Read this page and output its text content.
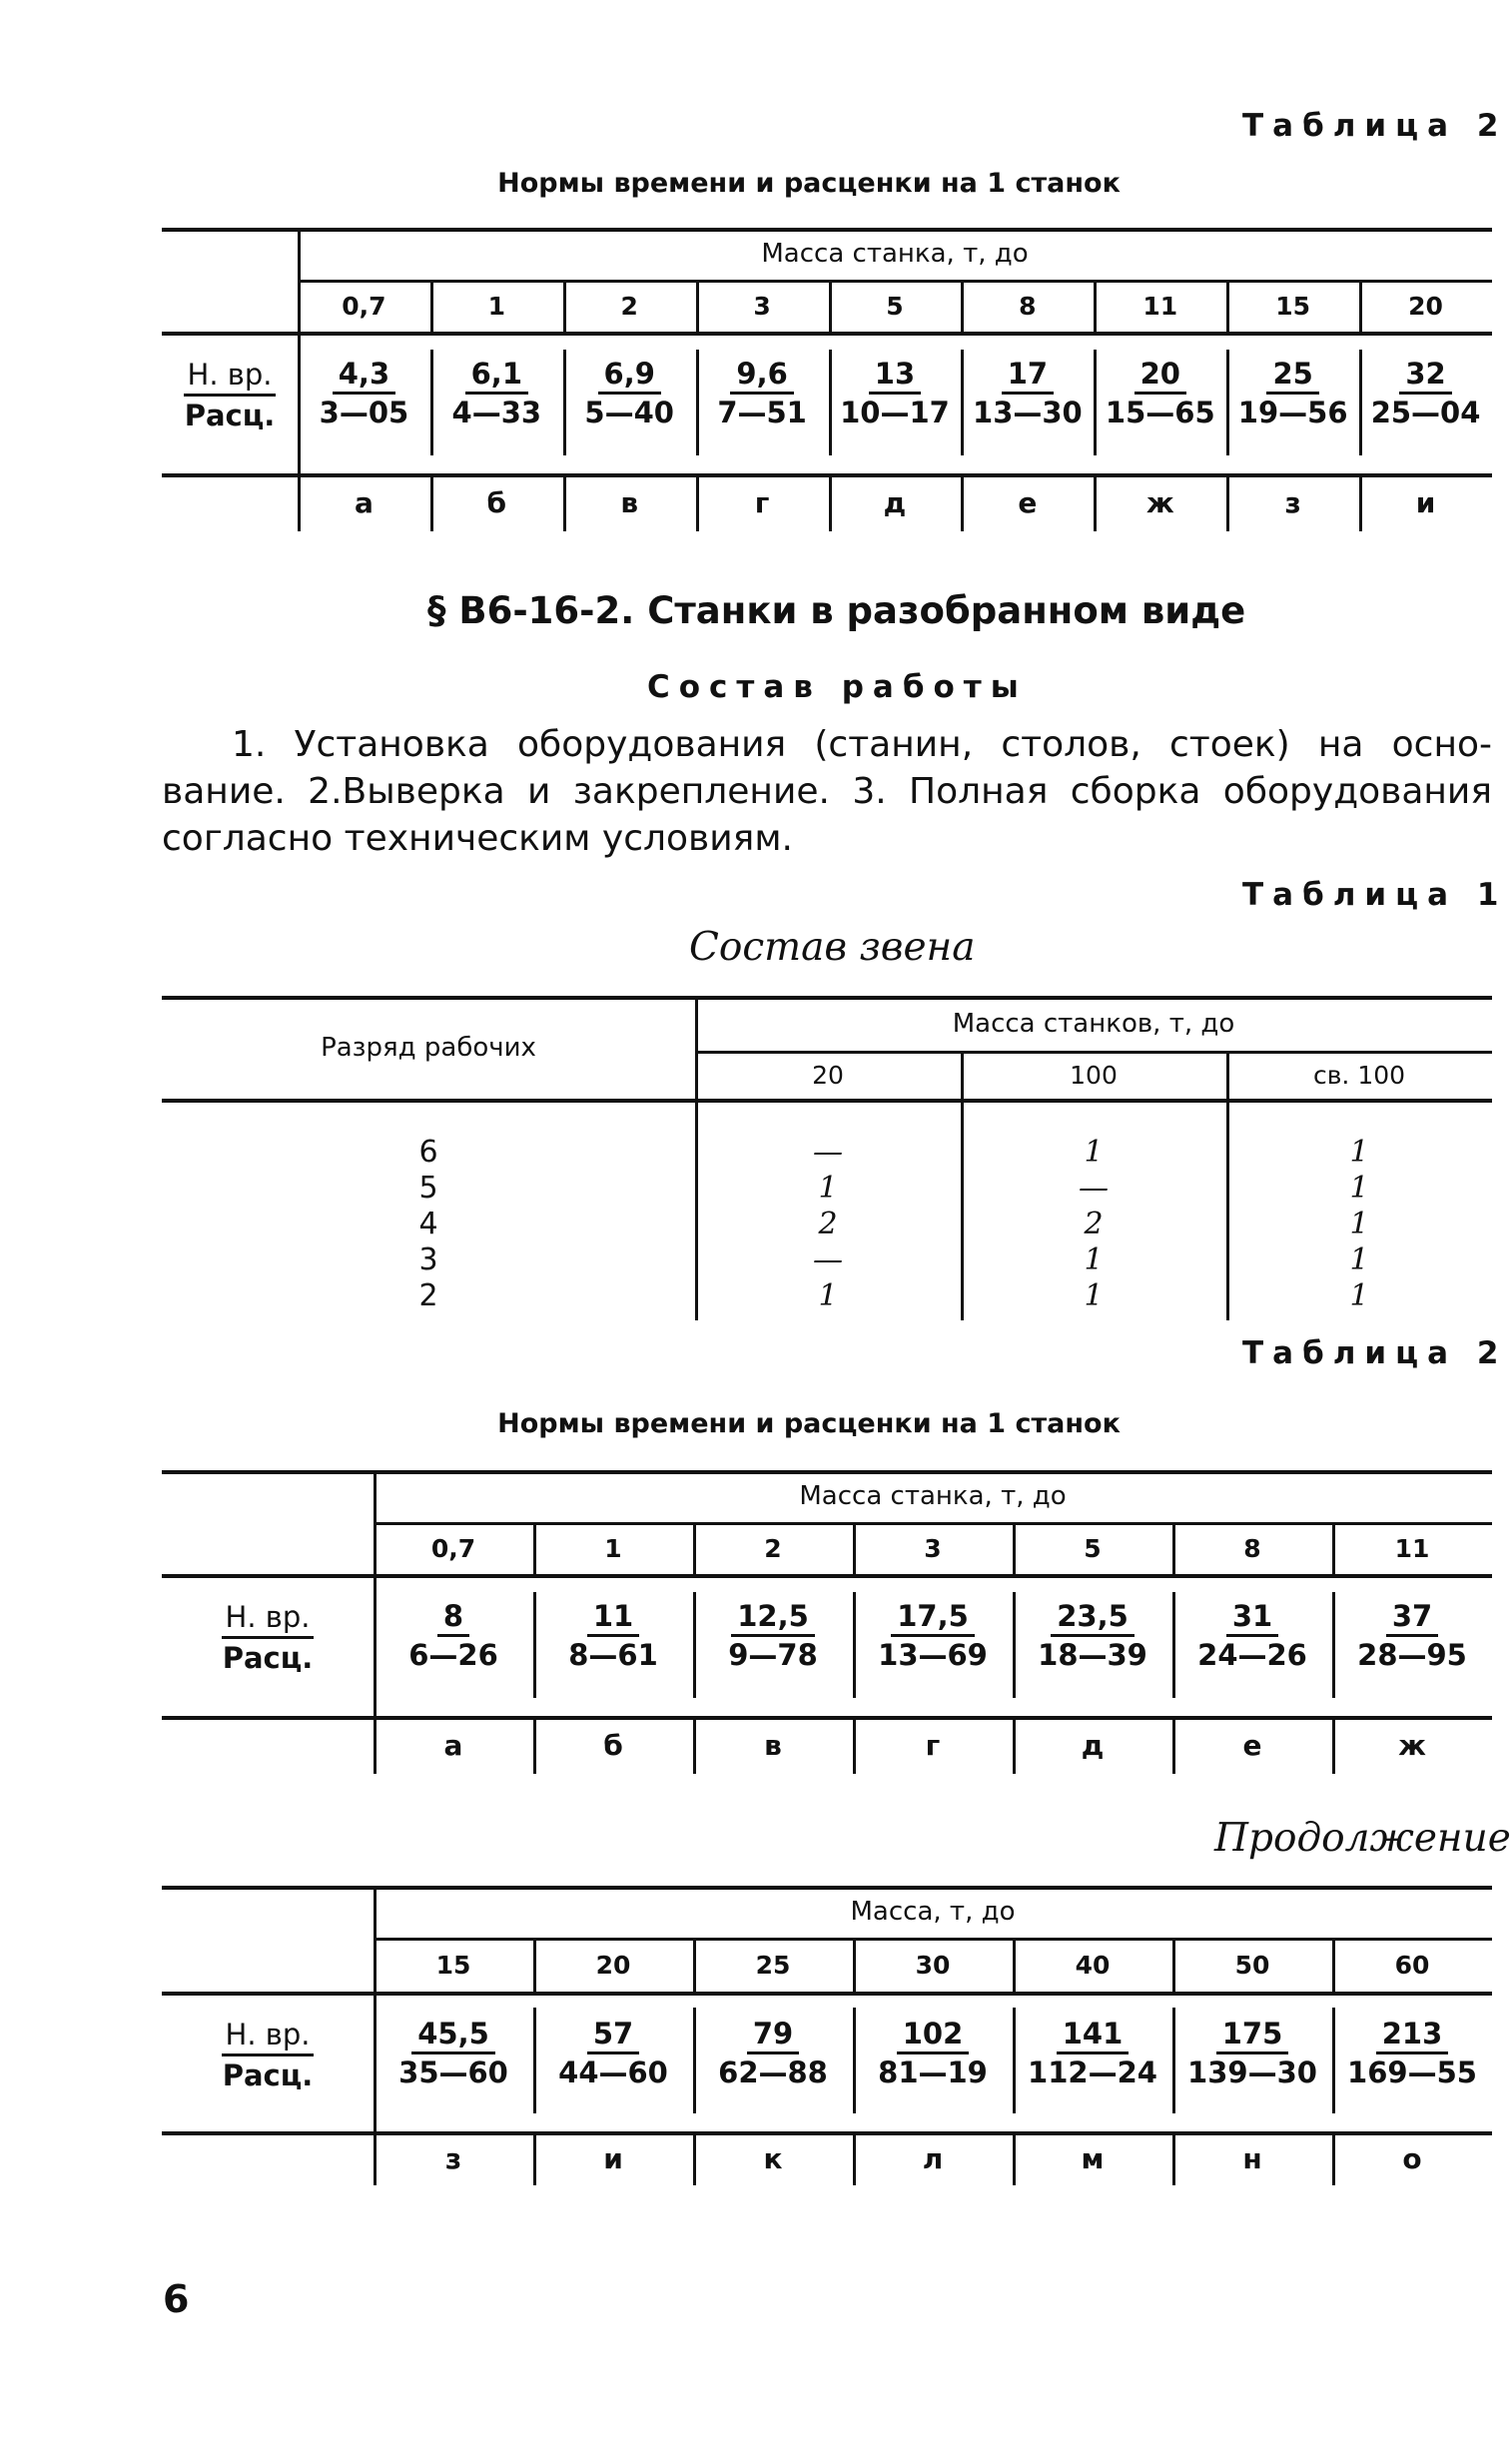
Таблица 2
Нормы времени и расценки на 1 станок
Масса станка, т, до
0,7
$\frac{4,3}{3—05}$
а
1
$\frac{6,1}{4—33}$
б
2
$\frac{6,9}{5—40}$
в
3
$\frac{9,6}{7—51}$
г
5
$\frac{13}{10—17}$
д
8
$\frac{17}{13—30}$
е
11
$\frac{20}{15—65}$
ж
15
$\frac{25}{19—56}$
з
20
$\frac{32}{25—04}$
и
Н. вр.
Расц.
§ В6-16-2. Станки в разобранном виде
Состав работы
1. Установка оборудования (станин, столов, стоек) на осно-
вание. 2.Выверка и закрепление. 3. Полная сборка оборудования
согласно техническим условиям.
Таблица 1
Состав звена
Разряд рабочих
Масса станков, т, до
20
—
1
2
—
1
100
1
—
2
1
1
св. 100
1
1
1
1
1
6
5
4
3
2
Таблица 2
Нормы времени и расценки на 1 станок
Масса станка, т, до
0,7
$\frac{8}{6—26}$
а
1
$\frac{11}{8—61}$
б
2
$\frac{12,5}{9—78}$
в
3
$\frac{17,5}{13—69}$
г
5
$\frac{23,5}{18—39}$
д
8
$\frac{31}{24—26}$
е
11
$\frac{37}{28—95}$
ж
Н. вр.
Расц.
Продолжение
Масса, т, до
15
$\frac{45,5}{35—60}$
з
20
$\frac{57}{44—60}$
и
25
$\frac{79}{62—88}$
к
30
$\frac{102}{81—19}$
л
40
$\frac{141}{112—24}$
м
50
$\frac{175}{139—30}$
н
60
$\frac{213}{169—55}$
о
Н. вр.
Расц.
6
